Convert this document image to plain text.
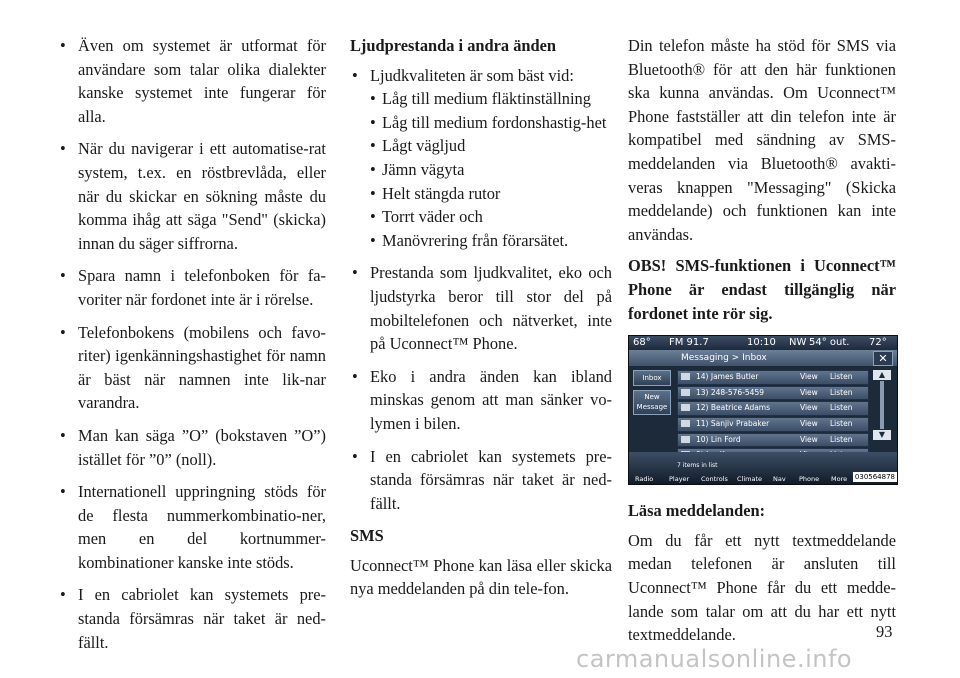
• Även om systemet är utformat för användare som talar olika dialekter kanske systemet inte fungerar för alla.
• När du navigerar i ett automatise-rat system, t.ex. en röstbrevlåda, eller när du skickar en sökning måste du komma ihåg att säga "Send" (skicka) innan du säger siffrorna.
• Spara namn i telefonboken för fa-voriter när fordonet inte är i rörelse.
• Telefonbokens (mobilens och favo-riter) igenkänningshastighet för namn är bäst när namnen inte lik-nar varandra.
• Man kan säga ”O” (bokstaven ”O”) istället för ”0” (noll).
• Internationell uppringning stöds för de flesta nummerkombinatio-ner, men en del kortnummer-kombinationer kanske inte stöds.
• I en cabriolet kan systemets pre-standa försämras när taket är ned-fällt.
Ljudprestanda i andra änden
• Ljudkvaliteten är som bäst vid:
• Låg till medium fläktinställning
• Låg till medium fordonshastig-het
• Lågt vägljud
• Jämn vägyta
• Helt stängda rutor
• Torrt väder och
• Manövrering från förarsätet.
• Prestanda som ljudkvalitet, eko och ljudstyrka beror till stor del på mobiltelefonen och nätverket, inte på Uconnect™ Phone.
• Eko i andra änden kan ibland minskas genom att man sänker vo-lymen i bilen.
• I en cabriolet kan systemets pre-standa försämras när taket är ned-fällt.
SMS

Uconnect™ Phone kan läsa eller skicka nya meddelanden på din tele-fon.

Din telefon måste ha stöd för SMS via Bluetooth® för att den här funktionen ska kunna användas. Om Uconnect™ Phone fastställer att din telefon inte är kompatibel med sändning av SMS-meddelanden via Bluetooth® avakti-veras knappen "Messaging" (Skicka meddelande) och funktionen kan inte användas.

OBS! SMS-funktionen i Uconnect™ Phone är endast tillgänglig när fordonet inte rör sig.

68° FM 91.7	10:10 NW 54° out. 72°
Messaging > Inbox	✕
Inbox
New Message
14) James Butler	View Listen
13) 248-576-5459	View Listen
12) Beatrice Adams	View Listen
11) Sanjiv Prabaker	View Listen
10) Lin Ford	View Listen
▲
▼
7 items in list
Radio Player Controls Climate Nav Phone More 030564878
Läsa meddelanden:

Om du får ett nytt textmeddelande medan telefonen är ansluten till Uconnect™ Phone får du ett medde-lande som talar om att du har ett nytt textmeddelande.	93
carmanualsonline.info
